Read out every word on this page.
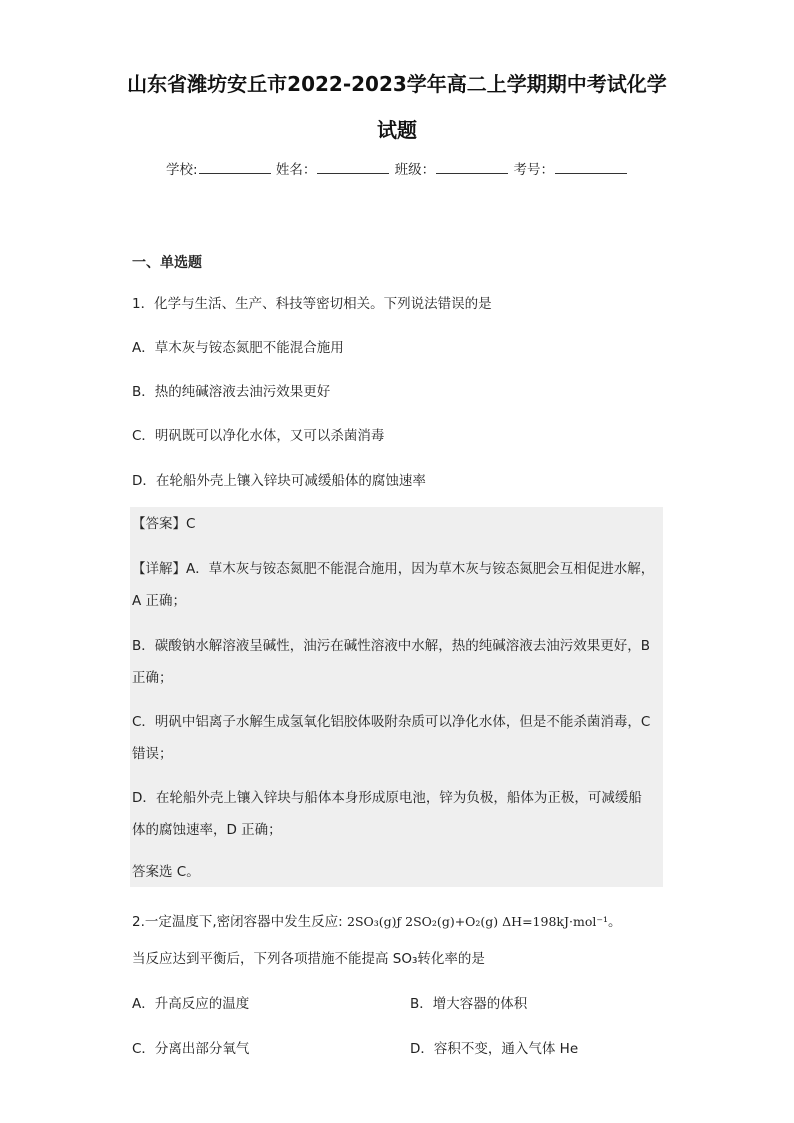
山东省潍坊安丘市2022-2023学年高二上学期期中考试化学
试题
学校:	姓名：	班级：	考号：
一、单选题
1．化学与生活、生产、科技等密切相关。下列说法错误的是
A．草木灰与铵态氮肥不能混合施用
B．热的纯碱溶液去油污效果更好
C．明矾既可以净化水体，又可以杀菌消毒
D．在轮船外壳上镶入锌块可减缓船体的腐蚀速率
【答案】C
【详解】A．草木灰与铵态氮肥不能混合施用，因为草木灰与铵态氮肥会互相促进水解，
A 正确；
B．碳酸钠水解溶液呈碱性，油污在碱性溶液中水解，热的纯碱溶液去油污效果更好，B
正确；
C．明矾中铝离子水解生成氢氧化铝胶体吸附杂质可以净化水体，但是不能杀菌消毒，C
错误；
D．在轮船外壳上镶入锌块与船体本身形成原电池，锌为负极，船体为正极，可减缓船
体的腐蚀速率，D 正确；
答案选 C。
2.一定温度下,密闭容器中发生反应: 2SO₃(g)ƒ 2SO₂(g)+O₂(g) ΔH=198kJ·mol⁻¹。
当反应达到平衡后，下列各项措施不能提高 SO₃转化率的是
A．升高反应的温度	B．增大容器的体积
C．分离出部分氧气	D．容积不变，通入气体 He
